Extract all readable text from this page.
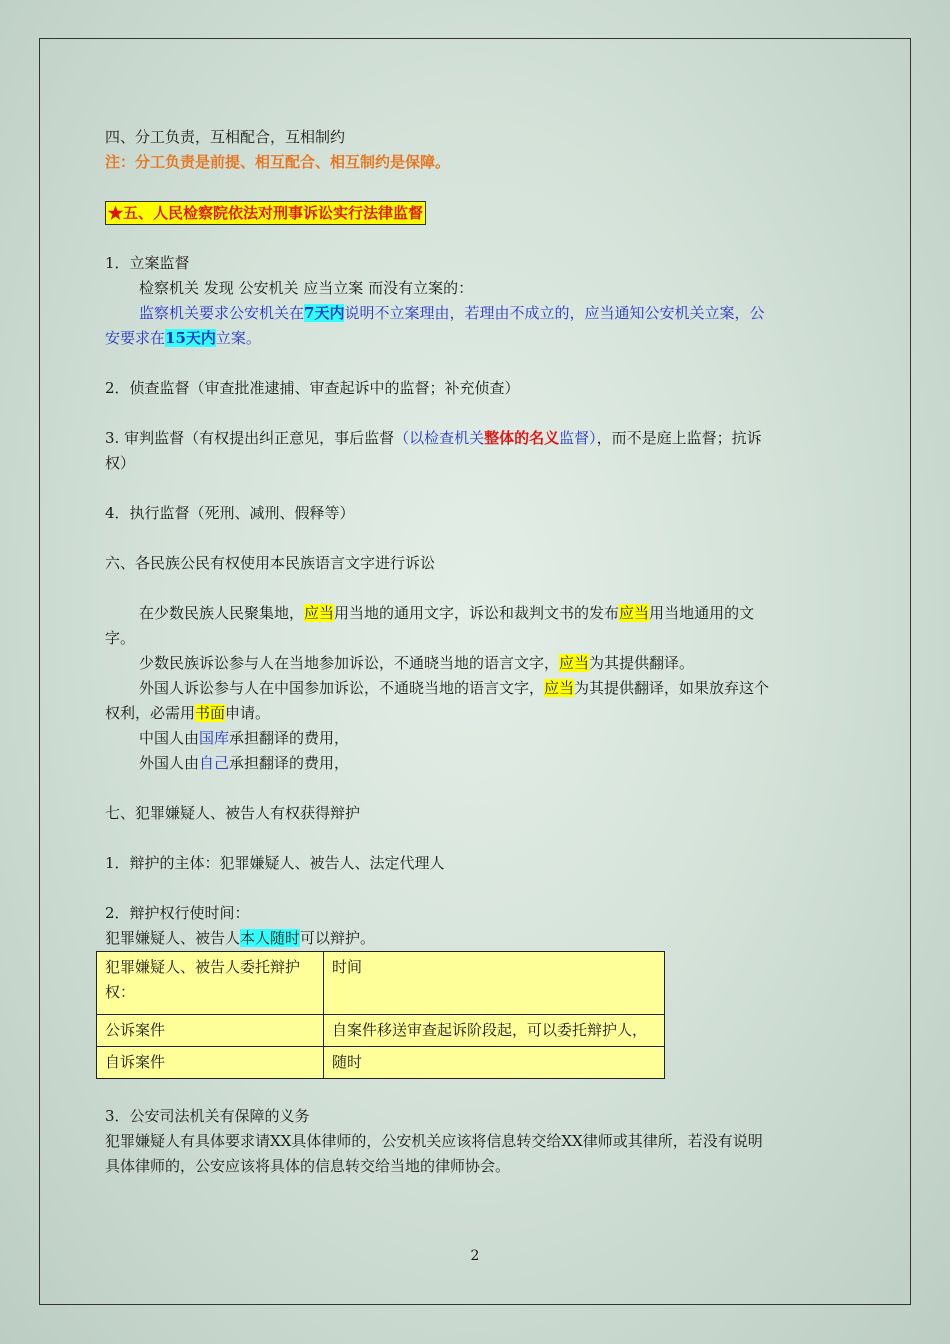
四、分工负责，互相配合，互相制约

注：分工负责是前提、相互配合、相互制约是保障。

★五、人民检察院依法对刑事诉讼实行法律监督

1．立案监督

检察机关 发现 公安机关 应当立案 而没有立案的：

监察机关要求公安机关在7天内说明不立案理由，若理由不成立的，应当通知公安机关立案，公安要求在15天内立案。

2．侦查监督（审查批准逮捕、审查起诉中的监督；补充侦查）

3. 审判监督（有权提出纠正意见，事后监督（以检查机关整体的名义监督），而不是庭上监督；抗诉权）

4．执行监督（死刑、减刑、假释等）

六、各民族公民有权使用本民族语言文字进行诉讼

在少数民族人民聚集地，应当用当地的通用文字，诉讼和裁判文书的发布应当用当地通用的文字。

少数民族诉讼参与人在当地参加诉讼，不通晓当地的语言文字，应当为其提供翻译。

外国人诉讼参与人在中国参加诉讼，不通晓当地的语言文字，应当为其提供翻译，如果放弃这个权利，必需用书面申请。

中国人由国库承担翻译的费用，

外国人由自己承担翻译的费用，

七、犯罪嫌疑人、被告人有权获得辩护

1．辩护的主体：犯罪嫌疑人、被告人、法定代理人

2．辩护权行使时间：

犯罪嫌疑人、被告人本人随时可以辩护。

犯罪嫌疑人、被告人委托辩护权：	时间
公诉案件	自案件移送审查起诉阶段起，可以委托辩护人，
自诉案件	随时

3．公安司法机关有保障的义务

犯罪嫌疑人有具体要求请XX具体律师的，公安机关应该将信息转交给XX律师或其律所，若没有说明具体律师的，公安应该将具体的信息转交给当地的律师协会。

2
